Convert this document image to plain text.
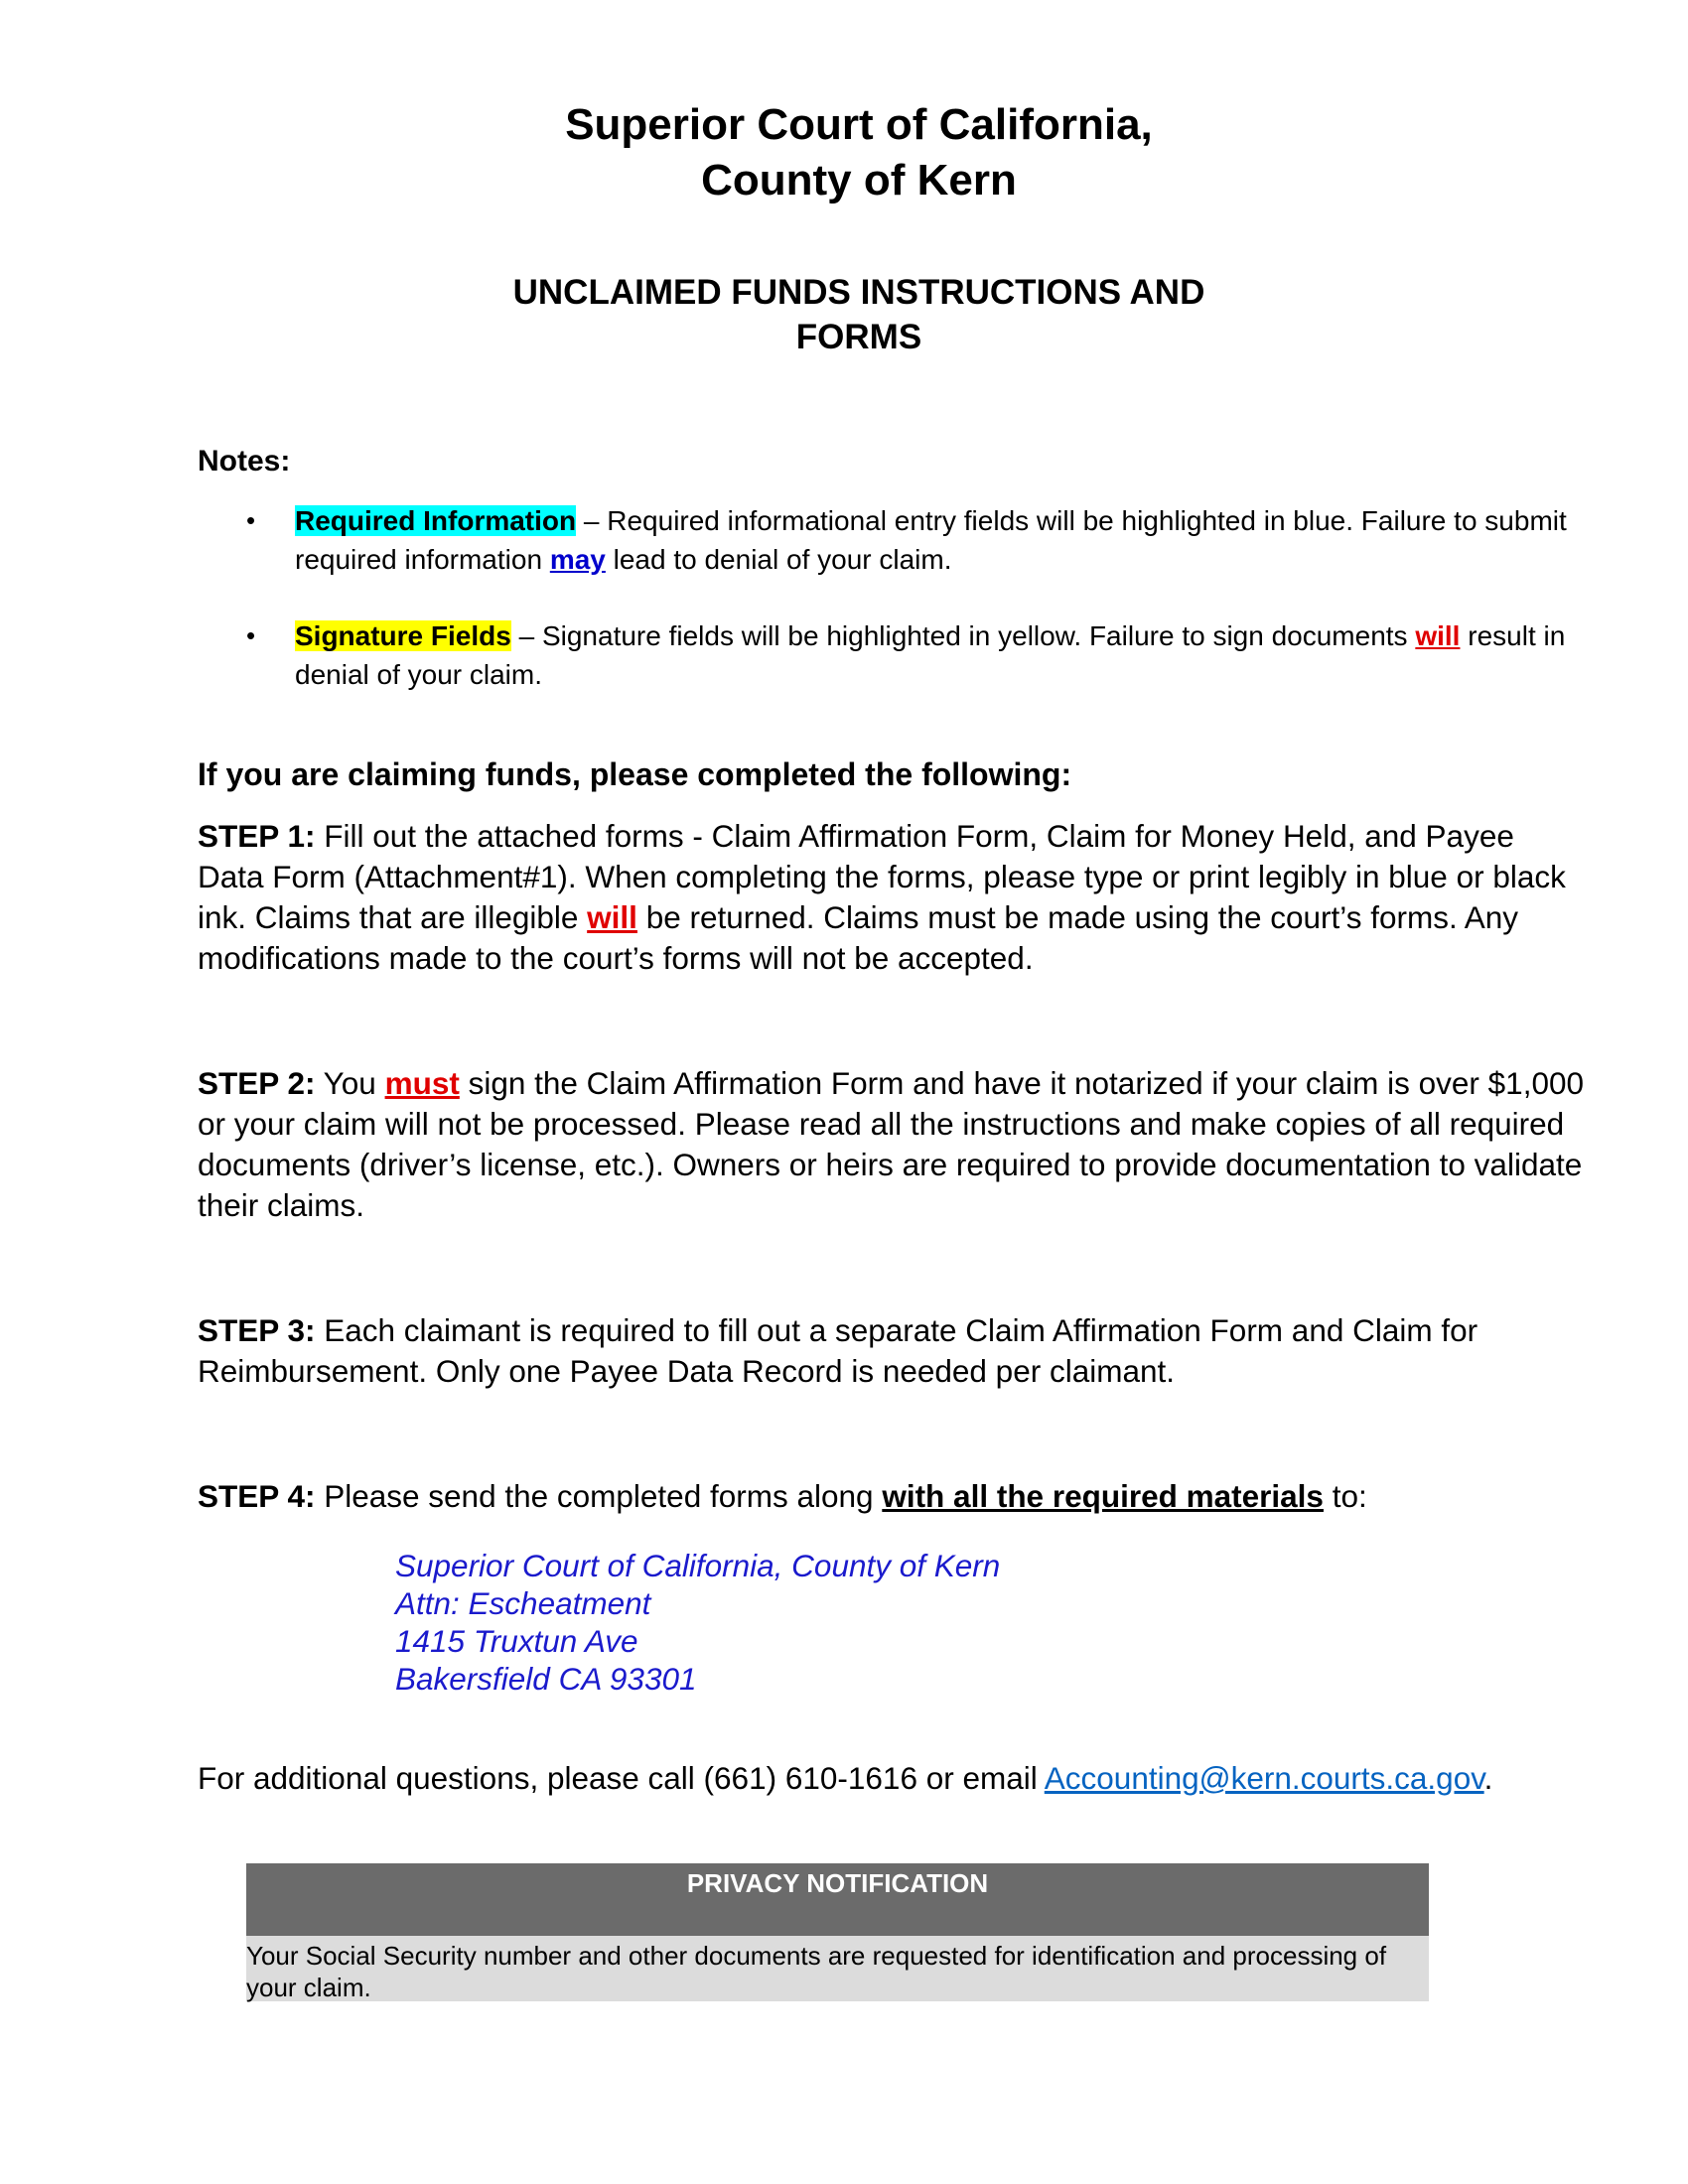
Superior Court of California,
County of Kern
UNCLAIMED FUNDS INSTRUCTIONS AND
FORMS
Notes:
• Required Information – Required informational entry fields will be highlighted in blue. Failure to submit required information may lead to denial of your claim.
• Signature Fields – Signature fields will be highlighted in yellow. Failure to sign documents will result in denial of your claim.
If you are claiming funds, please completed the following:

STEP 1: Fill out the attached forms - Claim Affirmation Form, Claim for Money Held, and Payee Data Form (Attachment#1). When completing the forms, please type or print legibly in blue or black ink. Claims that are illegible will be returned. Claims must be made using the court’s forms. Any modifications made to the court’s forms will not be accepted.

STEP 2: You must sign the Claim Affirmation Form and have it notarized if your claim is over $1,000 or your claim will not be processed. Please read all the instructions and make copies of all required documents (driver’s license, etc.). Owners or heirs are required to provide documentation to validate their claims.

STEP 3: Each claimant is required to fill out a separate Claim Affirmation Form and Claim for Reimbursement. Only one Payee Data Record is needed per claimant.

STEP 4: Please send the completed forms along with all the required materials to:

Superior Court of California, County of Kern
Attn: Escheatment
1415 Truxtun Ave
Bakersfield CA 93301
For additional questions, please call (661) 610-1616 or email Accounting@kern.courts.ca.gov.
PRIVACY NOTIFICATION
Your Social Security number and other documents are requested for identification and processing of your claim.
